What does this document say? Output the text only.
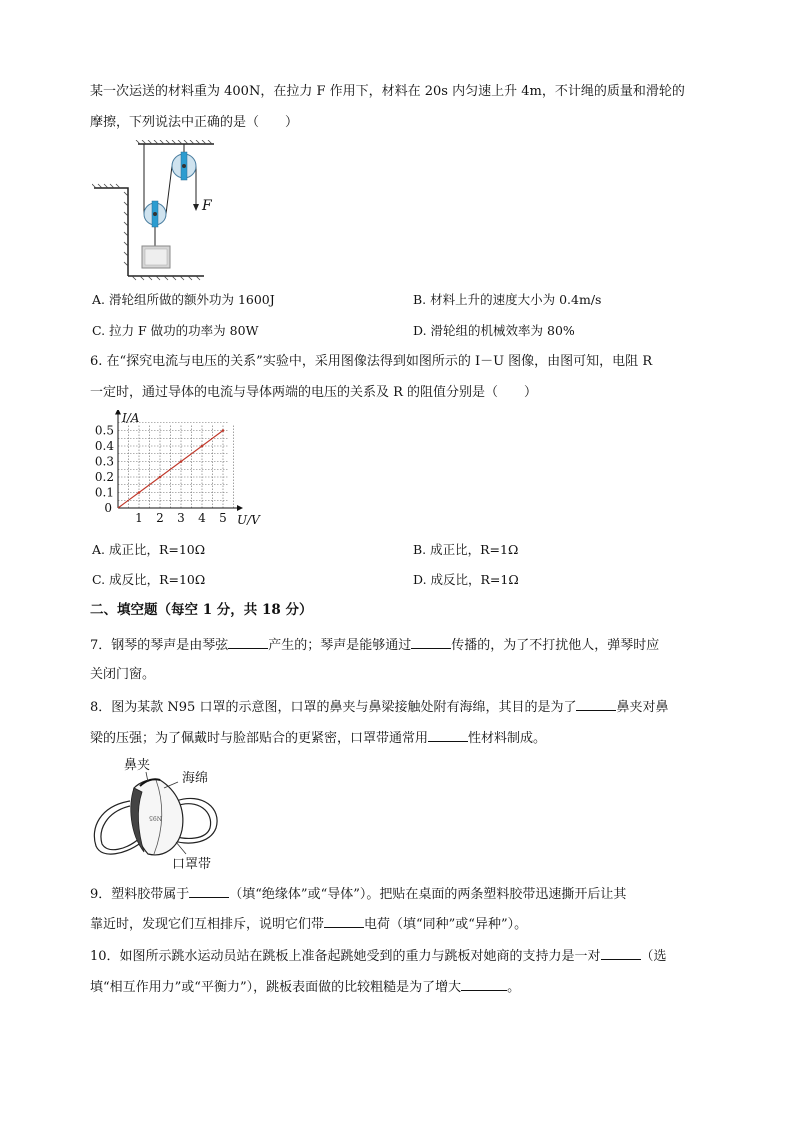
某一次运送的材料重为 400N，在拉力 F 作用下，材料在 20s 内匀速上升 4m，不计绳的质量和滑轮的
摩擦，下列说法中正确的是（　　）
F
A. 滑轮组所做的额外功为 1600J	B. 材料上升的速度大小为 0.4m/s
C. 拉力 F 做功的功率为 80W	D. 滑轮组的机械效率为 80%
6. 在“探究电流与电压的关系”实验中，采用图像法得到如图所示的 I－U 图像，由图可知，电阻 R
一定时，通过导体的电流与导体两端的电压的关系及 R 的阻值分别是（　　）
1 2 3 4 5
0.1
0.2
0.3
0.4
0.5
0
U/V
I/A
A. 成正比，R=10Ω	B. 成正比，R=1Ω
C. 成反比，R=10Ω	D. 成反比，R=1Ω
二、填空题（每空 1 分，共 18 分）
7．钢琴的琴声是由琴弦	产生的；琴声是能够通过	传播的，为了不打扰他人，弹琴时应
关闭门窗。
8．图为某款 N95 口罩的示意图，口罩的鼻夹与鼻梁接触处附有海绵，其目的是为了	鼻夹对鼻
梁的压强；为了佩戴时与脸部贴合的更紧密，口罩带通常用	性材料制成。
N95
鼻夹
海绵
口罩带
9．塑料胶带属于	（填“绝缘体”或“导体”）。把贴在桌面的两条塑料胶带迅速撕开后让其
靠近时，发现它们互相排斥，说明它们带	电荷（填“同种”或“异种”）。
10．如图所示跳水运动员站在跳板上准备起跳她受到的重力与跳板对她商的支持力是一对	（选
填“相互作用力”或“平衡力”），跳板表面做的比较粗糙是为了增大	。
